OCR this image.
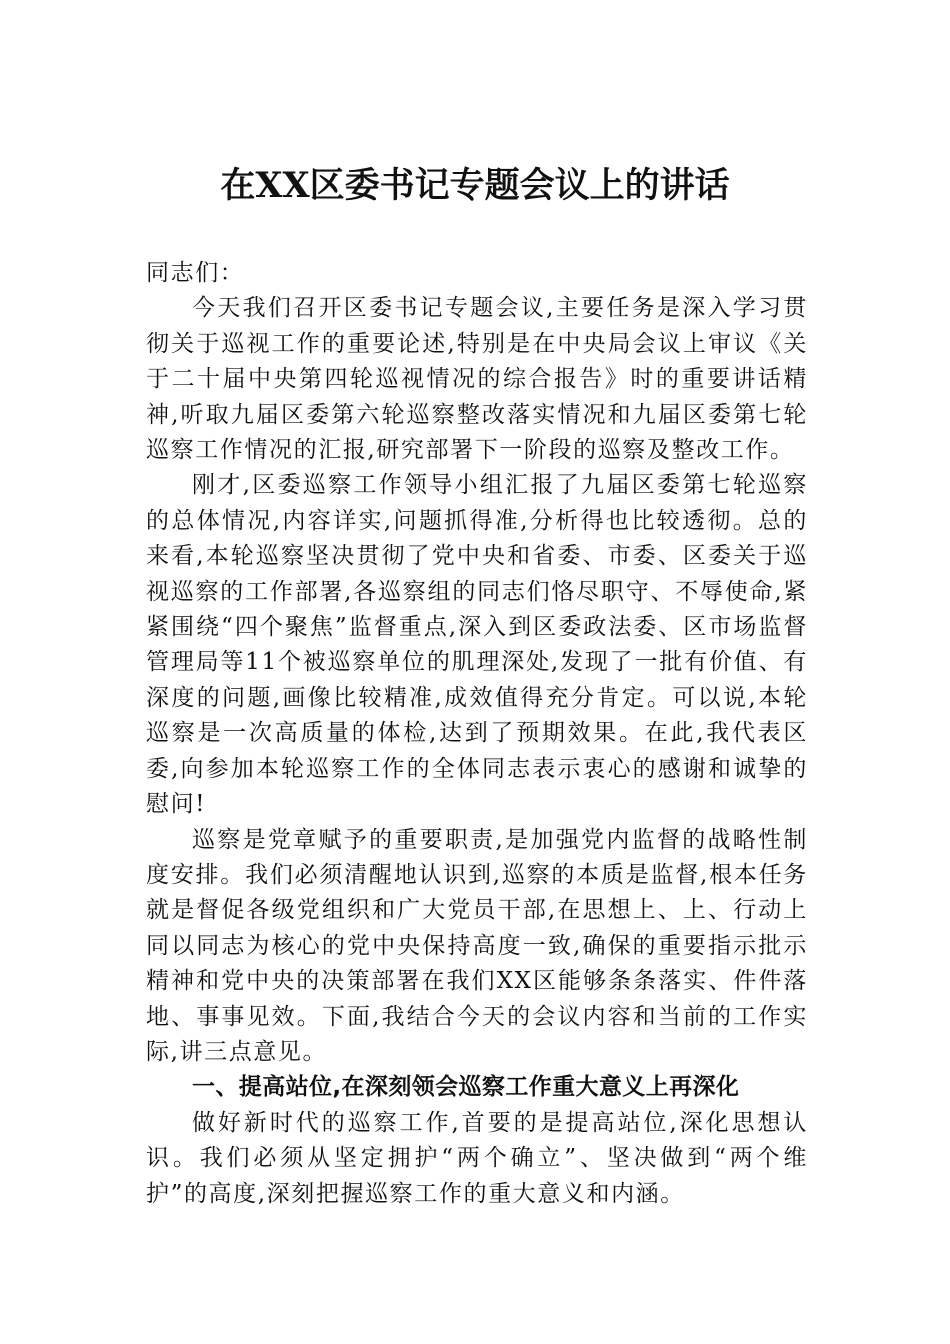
在XX区委书记专题会议上的讲话

同志们：

今天我们召开区委书记专题会议,主要任务是深入学习贯彻关于巡视工作的重要论述,特别是在中央局会议上审议《关于二十届中央第四轮巡视情况的综合报告》时的重要讲话精神,听取九届区委第六轮巡察整改落实情况和九届区委第七轮巡察工作情况的汇报,研究部署下一阶段的巡察及整改工作。

刚才,区委巡察工作领导小组汇报了九届区委第七轮巡察的总体情况,内容详实,问题抓得准,分析得也比较透彻。总的来看,本轮巡察坚决贯彻了党中央和省委、市委、区委关于巡视巡察的工作部署,各巡察组的同志们恪尽职守、不辱使命,紧紧围绕“四个聚焦”监督重点,深入到区委政法委、区市场监督管理局等11个被巡察单位的肌理深处,发现了一批有价值、有深度的问题,画像比较精准,成效值得充分肯定。可以说,本轮巡察是一次高质量的体检,达到了预期效果。在此,我代表区委,向参加本轮巡察工作的全体同志表示衷心的感谢和诚挚的慰问!

巡察是党章赋予的重要职责,是加强党内监督的战略性制度安排。我们必须清醒地认识到,巡察的本质是监督,根本任务就是督促各级党组织和广大党员干部,在思想上、上、行动上同以同志为核心的党中央保持高度一致,确保的重要指示批示精神和党中央的决策部署在我们XX区能够条条落实、件件落地、事事见效。下面,我结合今天的会议内容和当前的工作实际,讲三点意见。

一、提高站位,在深刻领会巡察工作重大意义上再深化

做好新时代的巡察工作,首要的是提高站位,深化思想认识。我们必须从坚定拥护“两个确立”、坚决做到“两个维护”的高度,深刻把握巡察工作的重大意义和内涵。
